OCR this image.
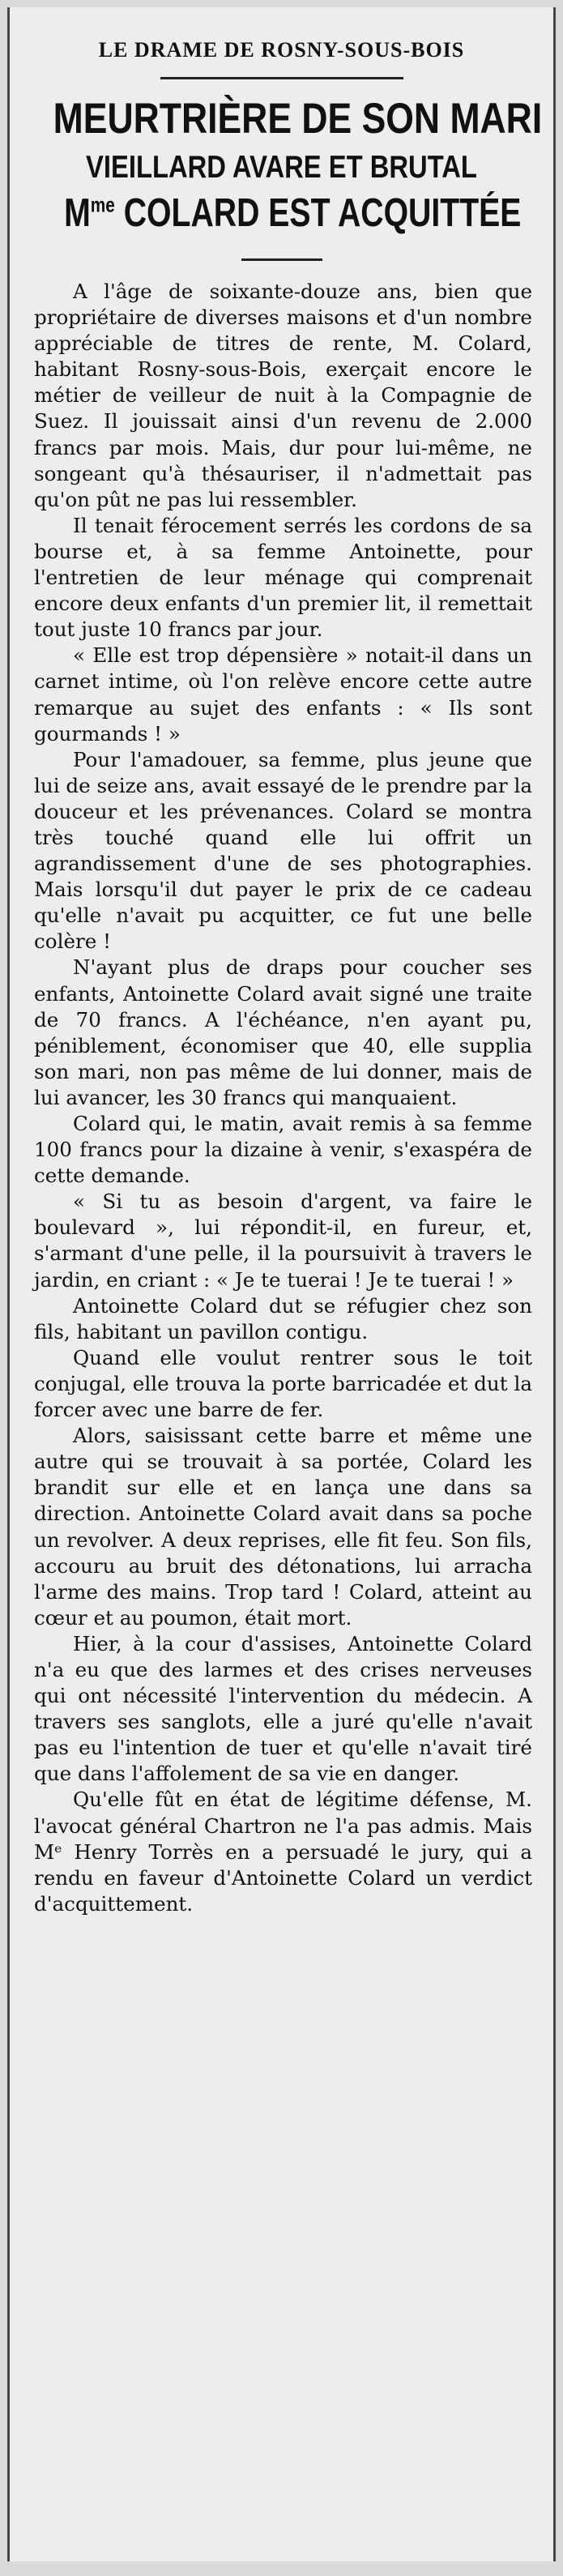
LE DRAME DE ROSNY-SOUS-BOIS
MEURTRIÈRE DE SON MARI
VIEILLARD AVARE ET BRUTAL
$M^{me}$ COLARD EST ACQUITTÉE

A l'âge de soixante-douze ans, bien que propriétaire de diverses maisons et d'un nombre appréciable de titres de rente, M. Colard, habitant Rosny-sous-Bois, exerçait encore le métier de veilleur de nuit à la Compagnie de Suez. Il jouissait ainsi d'un revenu de 2.000 francs par mois. Mais, dur pour lui-même, ne songeant qu'à thésauriser, il n'admettait pas qu'on pût ne pas lui ressembler.

Il tenait férocement serrés les cordons de sa bourse et, à sa femme Antoinette, pour l'entretien de leur ménage qui comprenait encore deux enfants d'un premier lit, il remettait tout juste 10 francs par jour.

« Elle est trop dépensière » notait-il dans un carnet intime, où l'on relève encore cette autre remarque au sujet des enfants : « Ils sont gourmands ! »

Pour l'amadouer, sa femme, plus jeune que lui de seize ans, avait essayé de le prendre par la douceur et les prévenances. Colard se montra très touché quand elle lui offrit un agrandissement d'une de ses photographies. Mais lorsqu'il dut payer le prix de ce cadeau qu'elle n'avait pu acquitter, ce fut une belle colère !

N'ayant plus de draps pour coucher ses enfants, Antoinette Colard avait signé une traite de 70 francs. A l'échéance, n'en ayant pu, péniblement, économiser que 40, elle supplia son mari, non pas même de lui donner, mais de lui avancer, les 30 francs qui manquaient.

Colard qui, le matin, avait remis à sa femme 100 francs pour la dizaine à venir, s'exaspéra de cette demande.

« Si tu as besoin d'argent, va faire le boulevard », lui répondit-il, en fureur, et, s'armant d'une pelle, il la poursuivit à travers le jardin, en criant : « Je te tuerai ! Je te tuerai ! »

Antoinette Colard dut se réfugier chez son fils, habitant un pavillon contigu.

Quand elle voulut rentrer sous le toit conjugal, elle trouva la porte barricadée et dut la forcer avec une barre de fer.

Alors, saisissant cette barre et même une autre qui se trouvait à sa portée, Colard les brandit sur elle et en lança une dans sa direction. Antoinette Colard avait dans sa poche un revolver. A deux reprises, elle fit feu. Son fils, accouru au bruit des détonations, lui arracha l'arme des mains. Trop tard ! Colard, atteint au cœur et au poumon, était mort.

Hier, à la cour d'assises, Antoinette Colard n'a eu que des larmes et des crises nerveuses qui ont nécessité l'intervention du médecin. A travers ses sanglots, elle a juré qu'elle n'avait pas eu l'intention de tuer et qu'elle n'avait tiré que dans l'affolement de sa vie en danger.

Qu'elle fût en état de légitime défense, M. l'avocat général Chartron ne l'a pas admis. Mais Mᵉ Henry Torrès en a persuadé le jury, qui a rendu en faveur d'Antoinette Colard un verdict d'acquittement.
